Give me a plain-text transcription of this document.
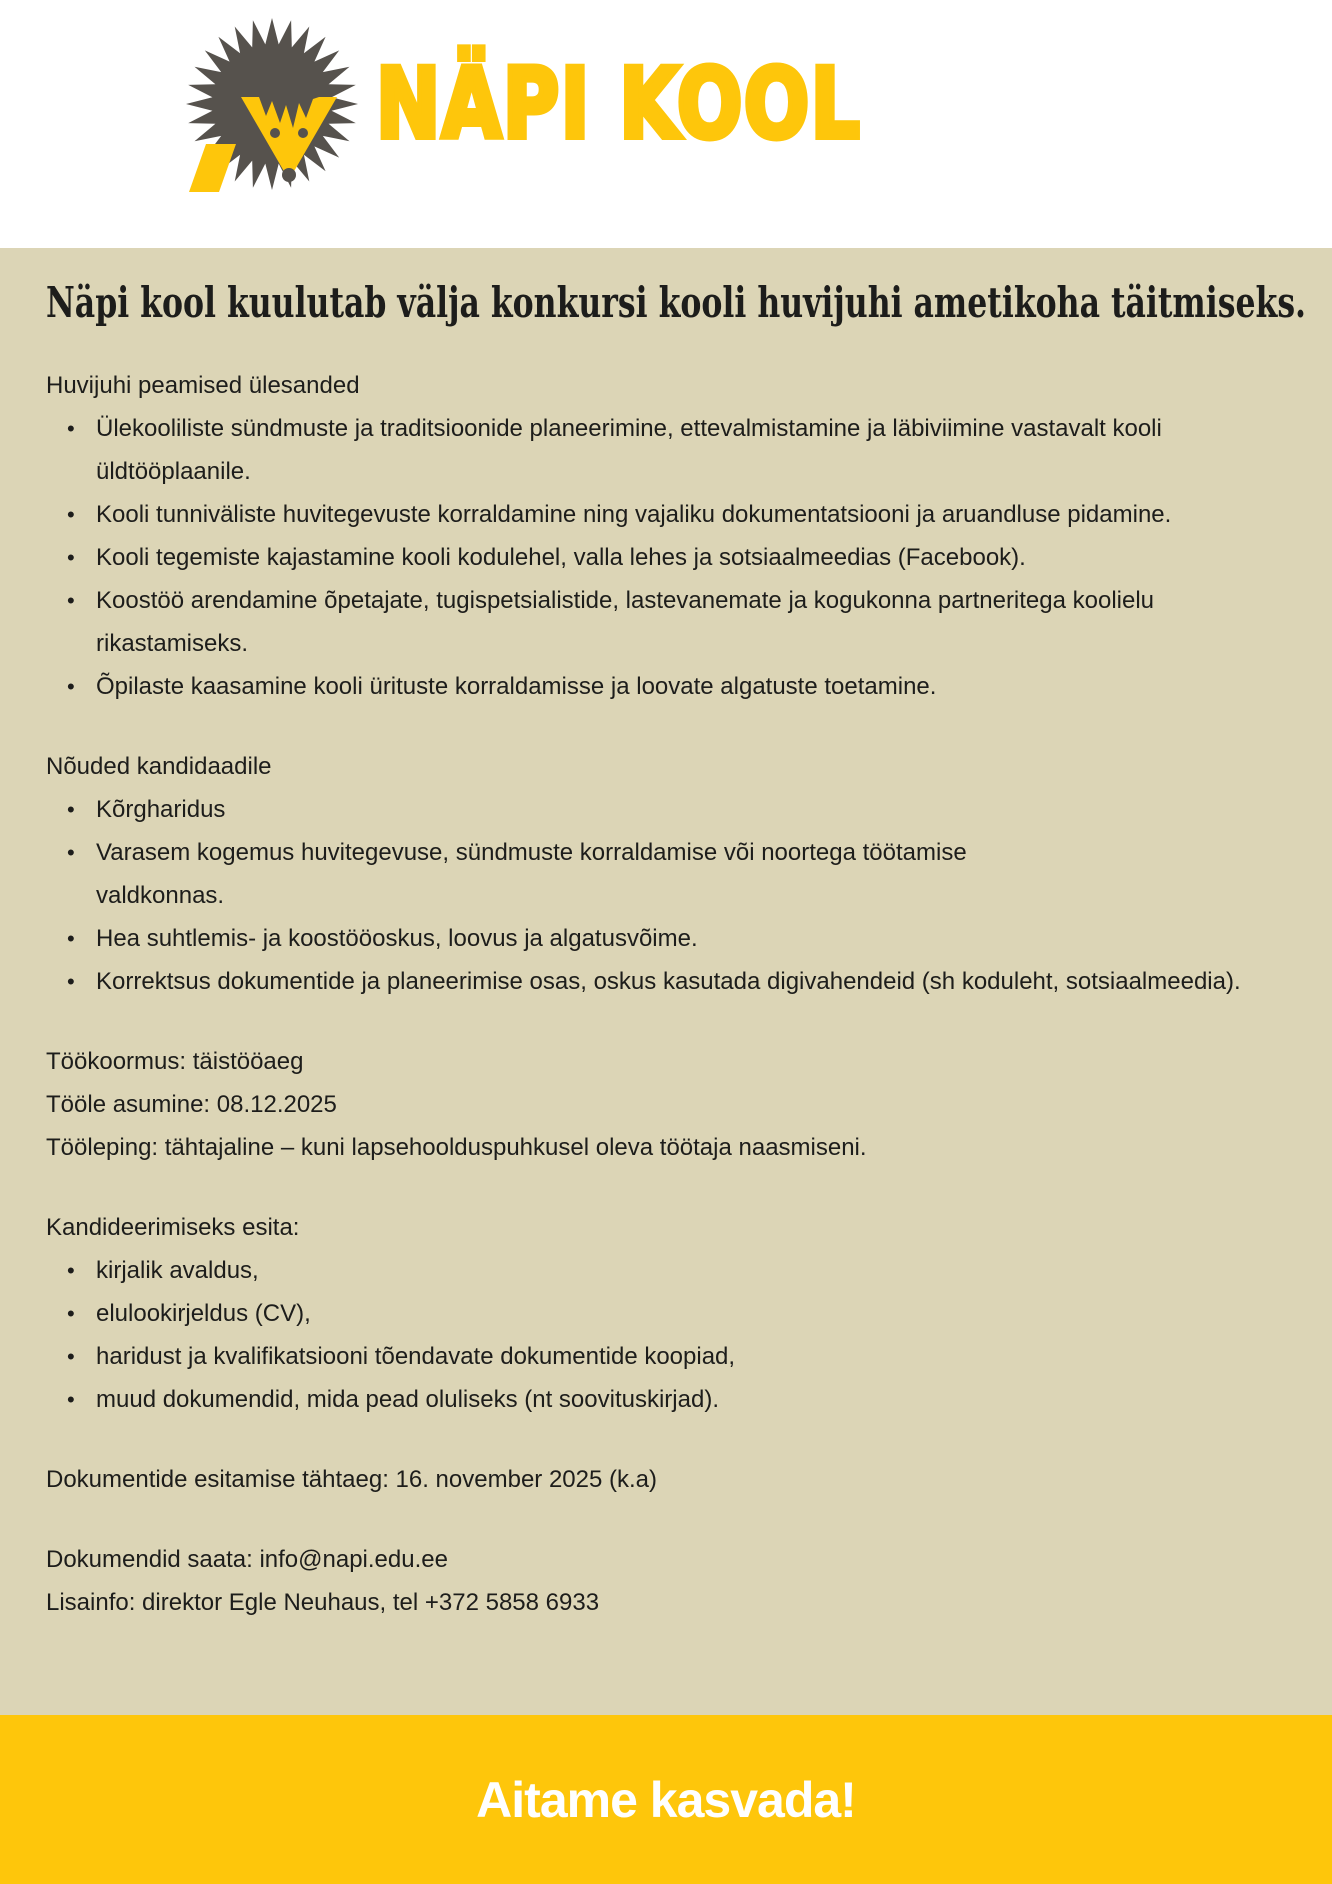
NÄPI KOOL
Näpi kool kuulutab välja konkursi kooli huvijuhi ametikoha täitmiseks.
Huvijuhi peamised ülesanded
• Ülekooliliste sündmuste ja traditsioonide planeerimine, ettevalmistamine ja läbiviimine vastavalt kooli üldtööplaanile.
• Kooli tunniväliste huvitegevuste korraldamine ning vajaliku dokumentatsiooni ja aruandluse pidamine.
• Kooli tegemiste kajastamine kooli kodulehel, valla lehes ja sotsiaalmeedias (Facebook).
• Koostöö arendamine õpetajate, tugispetsialistide, lastevanemate ja kogukonna partneritega koolielu rikastamiseks.
• Õpilaste kaasamine kooli ürituste korraldamisse ja loovate algatuste toetamine.
Nõuded kandidaadile
• Kõrgharidus
• Varasem kogemus huvitegevuse, sündmuste korraldamise või noortega töötamise valdkonnas.
• Hea suhtlemis- ja koostööoskus, loovus ja algatusvõime.
• Korrektsus dokumentide ja planeerimise osas, oskus kasutada digivahendeid (sh koduleht, sotsiaalmeedia).

Töökoormus: täistööaeg

Tööle asumine: 08.12.2025

Tööleping: tähtajaline – kuni lapsehoolduspuhkusel oleva töötaja naasmiseni.

Kandideerimiseks esita:
• kirjalik avaldus,
• elulookirjeldus (CV),
• haridust ja kvalifikatsiooni tõendavate dokumentide koopiad,
• muud dokumendid, mida pead oluliseks (nt soovituskirjad).

Dokumentide esitamise tähtaeg: 16. november 2025 (k.a)

Dokumendid saata: info@napi.edu.ee

Lisainfo: direktor Egle Neuhaus, tel +372 5858 6933

Aitame kasvada!
